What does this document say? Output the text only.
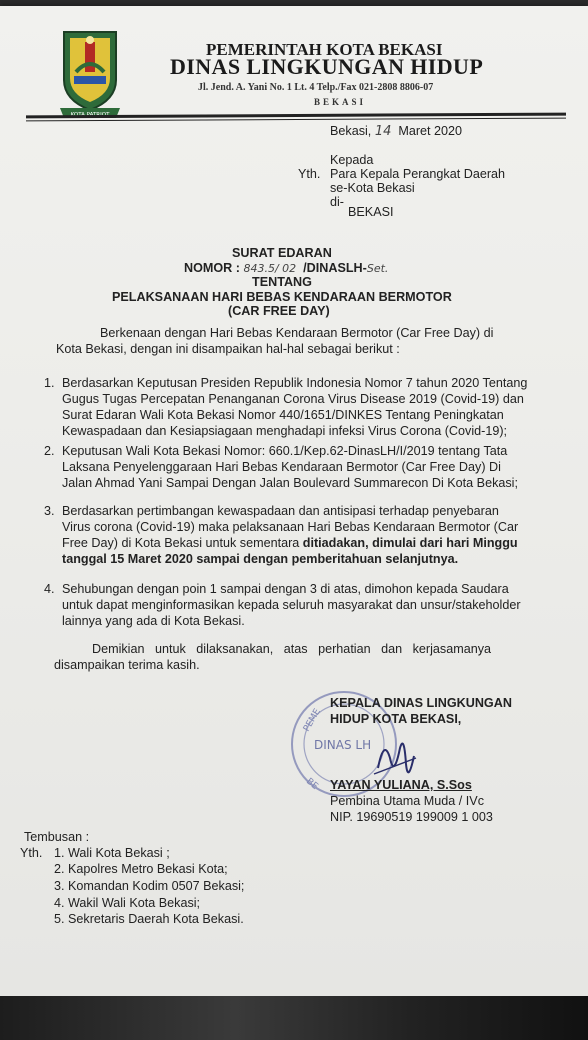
PEMERINTAH KOTA BEKASI
DINAS LINGKUNGAN HIDUP
Jl. Jend. A. Yani No. 1 Lt. 4 Telp./Fax 021-2808 8806-07
BEKASI
Bekasi, 14 Maret 2020
Kepada
Yth. Para Kepala Perangkat Daerah
se-Kota Bekasi
di-
BEKASI
SURAT EDARAN
NOMOR : 843.5/ 02 /DINASLH-Set.
TENTANG
PELAKSANAAN HARI BEBAS KENDARAAN BERMOTOR
(CAR FREE DAY)
Berkenaan dengan Hari Bebas Kendaraan Bermotor (Car Free Day) di
Kota Bekasi, dengan ini disampaikan hal-hal sebagai berikut :
1. Berdasarkan Keputusan Presiden Republik Indonesia Nomor 7 tahun 2020 Tentang
Gugus Tugas Percepatan Penanganan Corona Virus Disease 2019 (Covid-19) dan
Surat Edaran Wali Kota Bekasi Nomor 440/1651/DINKES Tentang Peningkatan
Kewaspadaan dan Kesiapsiagaan menghadapi infeksi Virus Corona (Covid-19);
2. Keputusan Wali Kota Bekasi Nomor: 660.1/Kep.62-DinasLH/I/2019 tentang Tata
Laksana Penyelenggaraan Hari Bebas Kendaraan Bermotor (Car Free Day) Di
Jalan Ahmad Yani Sampai Dengan Jalan Boulevard Summarecon Di Kota Bekasi;
3. Berdasarkan pertimbangan kewaspadaan dan antisipasi terhadap penyebaran
Virus corona (Covid-19) maka pelaksanaan Hari Bebas Kendaraan Bermotor (Car
Free Day) di Kota Bekasi untuk sementara ditiadakan, dimulai dari hari Minggu
tanggal 15 Maret 2020 sampai dengan pemberitahuan selanjutnya.
4. Sehubungan dengan poin 1 sampai dengan 3 di atas, dimohon kepada Saudara
untuk dapat menginformasikan kepada seluruh masyarakat dan unsur/stakeholder
lainnya yang ada di Kota Bekasi.
Demikian   untuk   dilaksanakan,   atas   perhatian   dan   kerjasamanya
disampaikan terima kasih.
PEME
BE
DINAS LH
KEPALA DINAS LINGKUNGAN
HIDUP KOTA BEKASI,
YAYAN YULIANA, S.Sos
Pembina Utama Muda / IVc
NIP. 19690519 199009 1 003
Tembusan :
Yth. 1. Wali Kota Bekasi ;
2. Kapolres Metro Bekasi Kota;
3. Komandan Kodim 0507 Bekasi;
4. Wakil Wali Kota Bekasi;
5. Sekretaris Daerah Kota Bekasi.
